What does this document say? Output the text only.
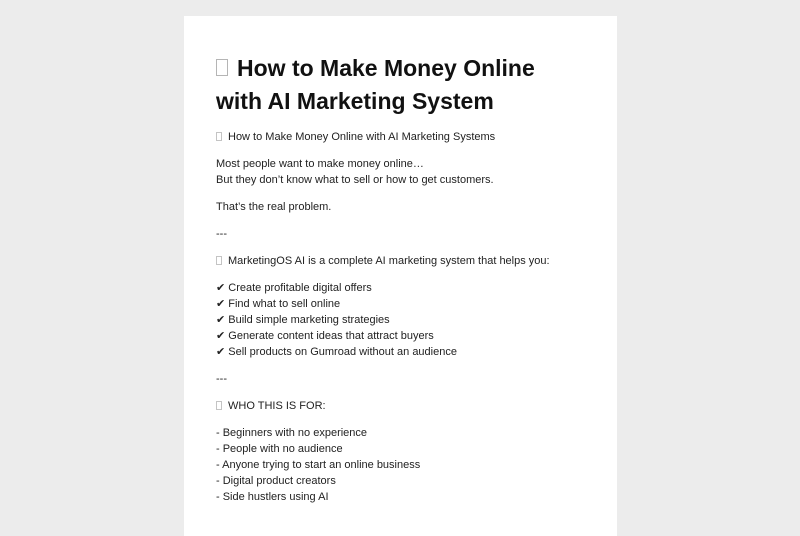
How to Make Money Online with AI Marketing System
How to Make Money Online with AI Marketing Systems
Most people want to make money online…
But they don’t know what to sell or how to get customers.
That’s the real problem.
---
MarketingOS AI is a complete AI marketing system that helps you:
✔ Create profitable digital offers
✔ Find what to sell online
✔ Build simple marketing strategies
✔ Generate content ideas that attract buyers
✔ Sell products on Gumroad without an audience
---
WHO THIS IS FOR:
- Beginners with no experience
- People with no audience
- Anyone trying to start an online business
- Digital product creators
- Side hustlers using AI
